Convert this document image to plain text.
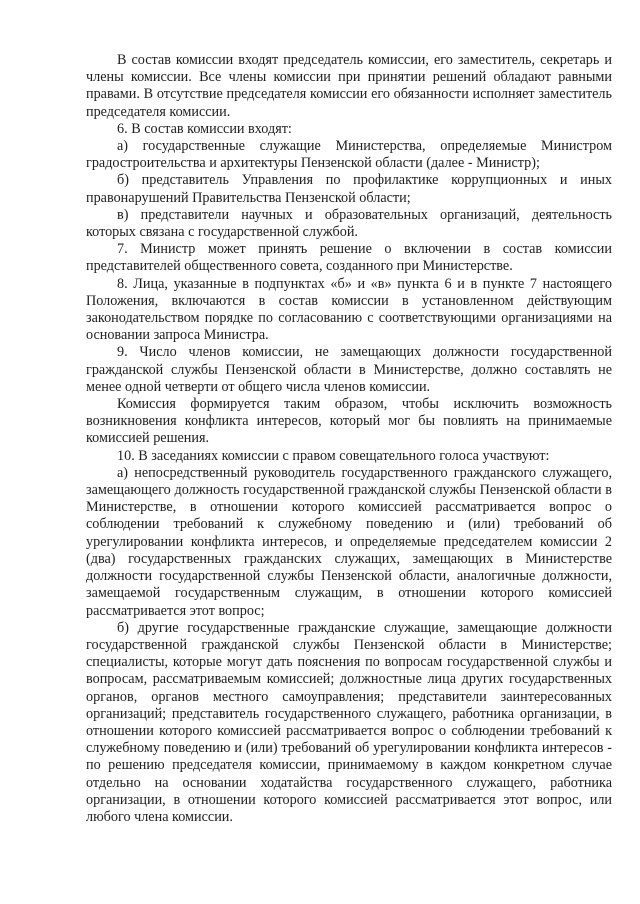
В состав комиссии входят председатель комиссии, его заместитель, секретарь и члены комиссии. Все члены комиссии при принятии решений обладают равными правами. В отсутствие председателя комиссии его обязанности исполняет заместитель председателя комиссии.

6. В состав комиссии входят:

а) государственные служащие Министерства, определяемые Министром градостроительства и архитектуры Пензенской области (далее - Министр);

б) представитель Управления по профилактике коррупционных и иных правонарушений Правительства Пензенской области;

в) представители научных и образовательных организаций, деятельность которых связана с государственной службой.

7. Министр может принять решение о включении в состав комиссии представителей общественного совета, созданного при Министерстве.

8. Лица, указанные в подпунктах «б» и «в» пункта 6 и в пункте 7 настоящего Положения, включаются в состав комиссии в установленном действующим законодательством порядке по согласованию с соответствующими организациями на основании запроса Министра.

9. Число членов комиссии, не замещающих должности государственной гражданской службы Пензенской области в Министерстве, должно составлять не менее одной четверти от общего числа членов комиссии.

Комиссия формируется таким образом, чтобы исключить возможность возникновения конфликта интересов, который мог бы повлиять на принимаемые комиссией решения.

10. В заседаниях комиссии с правом совещательного голоса участвуют:

а) непосредственный руководитель государственного гражданского служащего, замещающего должность государственной гражданской службы Пензенской области в Министерстве, в отношении которого комиссией рассматривается вопрос о соблюдении требований к служебному поведению и (или) требований об урегулировании конфликта интересов, и определяемые председателем комиссии 2 (два) государственных гражданских служащих, замещающих в Министерстве должности государственной службы Пензенской области, аналогичные должности, замещаемой государственным служащим, в отношении которого комиссией рассматривается этот вопрос;

б) другие государственные гражданские служащие, замещающие должности государственной гражданской службы Пензенской области в Министерстве; специалисты, которые могут дать пояснения по вопросам государственной службы и вопросам, рассматриваемым комиссией; должностные лица других государственных органов, органов местного самоуправления; представители заинтересованных организаций; представитель государственного служащего, работника организации, в отношении которого комиссией рассматривается вопрос о соблюдении требований к служебному поведению и (или) требований об урегулировании конфликта интересов - по решению председателя комиссии, принимаемому в каждом конкретном случае отдельно на основании ходатайства государственного служащего, работника организации, в отношении которого комиссией рассматривается этот вопрос, или любого члена комиссии.
